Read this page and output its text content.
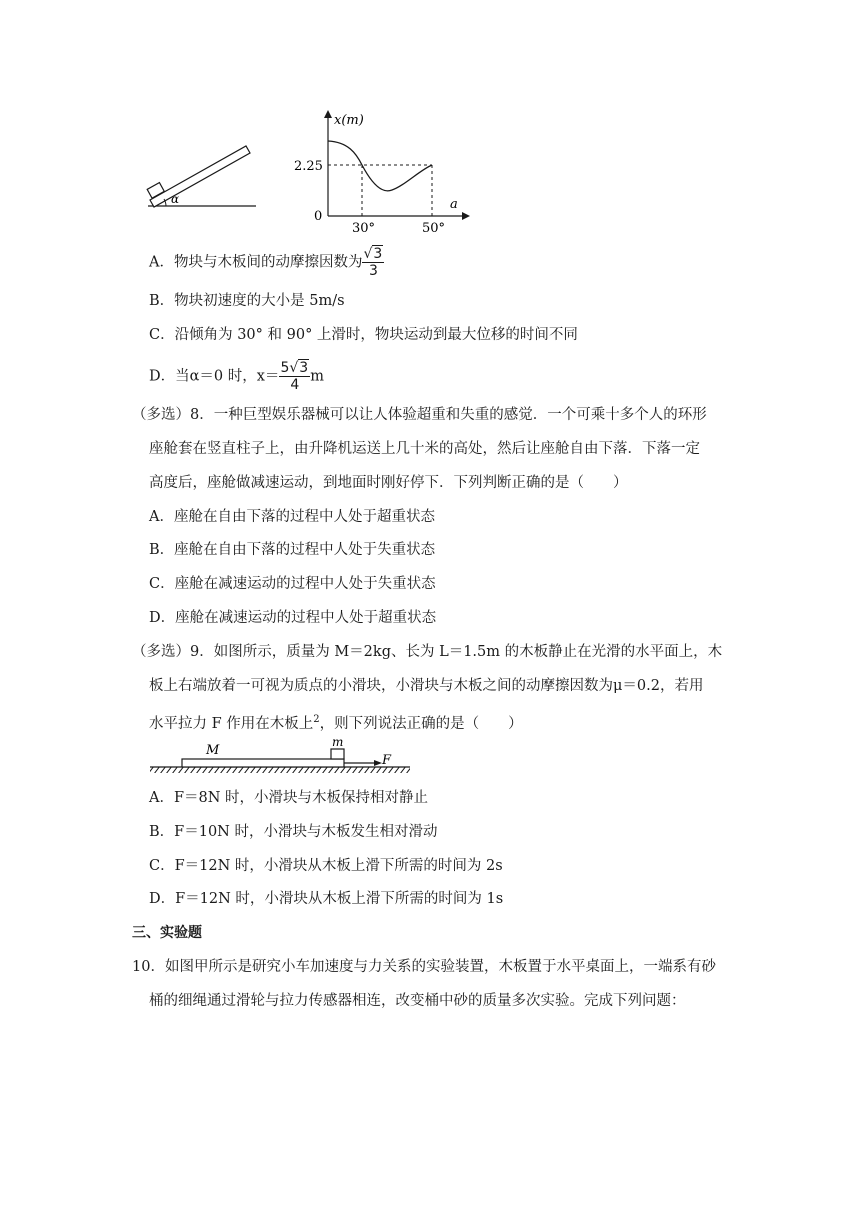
α
x(m)
a
2.25
0
30°	50°
A．物块与木板间的动摩擦因数为 $\frac{√3}{3}$
B．物块初速度的大小是 5m/s
C．沿倾角为 30° 和 90° 上滑时，物块运动到最大位移的时间不同
D．当α＝0 时，$x= \frac{5√3}{4}$ m
（多选）8．一种巨型娱乐器械可以让人体验超重和失重的感觉．一个可乘十多个人的环形
座舱套在竖直柱子上，由升降机运送上几十米的高处，然后让座舱自由下落．下落一定
高度后，座舱做减速运动，到地面时刚好停下．下列判断正确的是（　　）
A．座舱在自由下落的过程中人处于超重状态
B．座舱在自由下落的过程中人处于失重状态
C．座舱在减速运动的过程中人处于失重状态
D．座舱在减速运动的过程中人处于超重状态
（多选）9．如图所示，质量为 M＝2kg、长为 L＝1.5m 的木板静止在光滑的水平面上，木
板上右端放着一可视为质点的小滑块，小滑块与木板之间的动摩擦因数为μ＝0.2，若用
水平拉力 F 作用在木板上$^2$，则下列说法正确的是（　　）
M
m
F
A．F＝8N 时，小滑块与木板保持相对静止
B．F＝10N 时，小滑块与木板发生相对滑动
C．F＝12N 时，小滑块从木板上滑下所需的时间为 2s
D．F＝12N 时，小滑块从木板上滑下所需的时间为 1s
三、实验题
10．如图甲所示是研究小车加速度与力关系的实验装置，木板置于水平桌面上，一端系有砂
桶的细绳通过滑轮与拉力传感器相连，改变桶中砂的质量多次实验。完成下列问题：
